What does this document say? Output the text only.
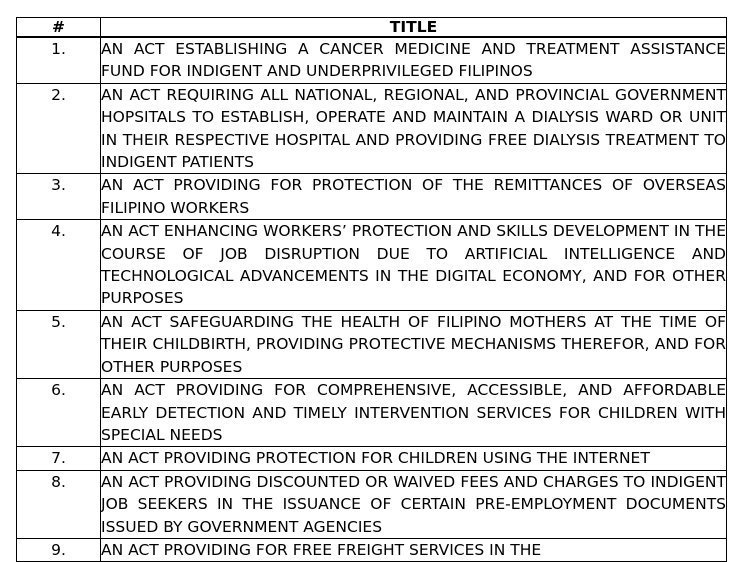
#	TITLE
1.	AN ACT ESTABLISHING A CANCER MEDICINE AND TREATMENT ASSISTANCE FUND FOR INDIGENT AND UNDERPRIVILEGED FILIPINOS
2.	AN ACT REQUIRING ALL NATIONAL, REGIONAL, AND PROVINCIAL GOVERNMENT HOPSITALS TO ESTABLISH, OPERATE AND MAINTAIN A DIALYSIS WARD OR UNIT IN THEIR RESPECTIVE HOSPITAL AND PROVIDING FREE DIALYSIS TREATMENT TO INDIGENT PATIENTS
3.	AN ACT PROVIDING FOR PROTECTION OF THE REMITTANCES OF OVERSEAS FILIPINO WORKERS
4.	AN ACT ENHANCING WORKERS’ PROTECTION AND SKILLS DEVELOPMENT IN THE COURSE OF JOB DISRUPTION DUE TO ARTIFICIAL INTELLIGENCE AND TECHNOLOGICAL ADVANCEMENTS IN THE DIGITAL ECONOMY, AND FOR OTHER PURPOSES
5.	AN ACT SAFEGUARDING THE HEALTH OF FILIPINO MOTHERS AT THE TIME OF THEIR CHILDBIRTH, PROVIDING PROTECTIVE MECHANISMS THEREFOR, AND FOR OTHER PURPOSES
6.	AN ACT PROVIDING FOR COMPREHENSIVE, ACCESSIBLE, AND AFFORDABLE EARLY DETECTION AND TIMELY INTERVENTION SERVICES FOR CHILDREN WITH SPECIAL NEEDS
7.	AN ACT PROVIDING PROTECTION FOR CHILDREN USING THE INTERNET
8.	AN ACT PROVIDING DISCOUNTED OR WAIVED FEES AND CHARGES TO INDIGENT JOB SEEKERS IN THE ISSUANCE OF CERTAIN PRE-EMPLOYMENT DOCUMENTS ISSUED BY GOVERNMENT AGENCIES
9.	AN ACT PROVIDING FOR FREE FREIGHT SERVICES IN THE
